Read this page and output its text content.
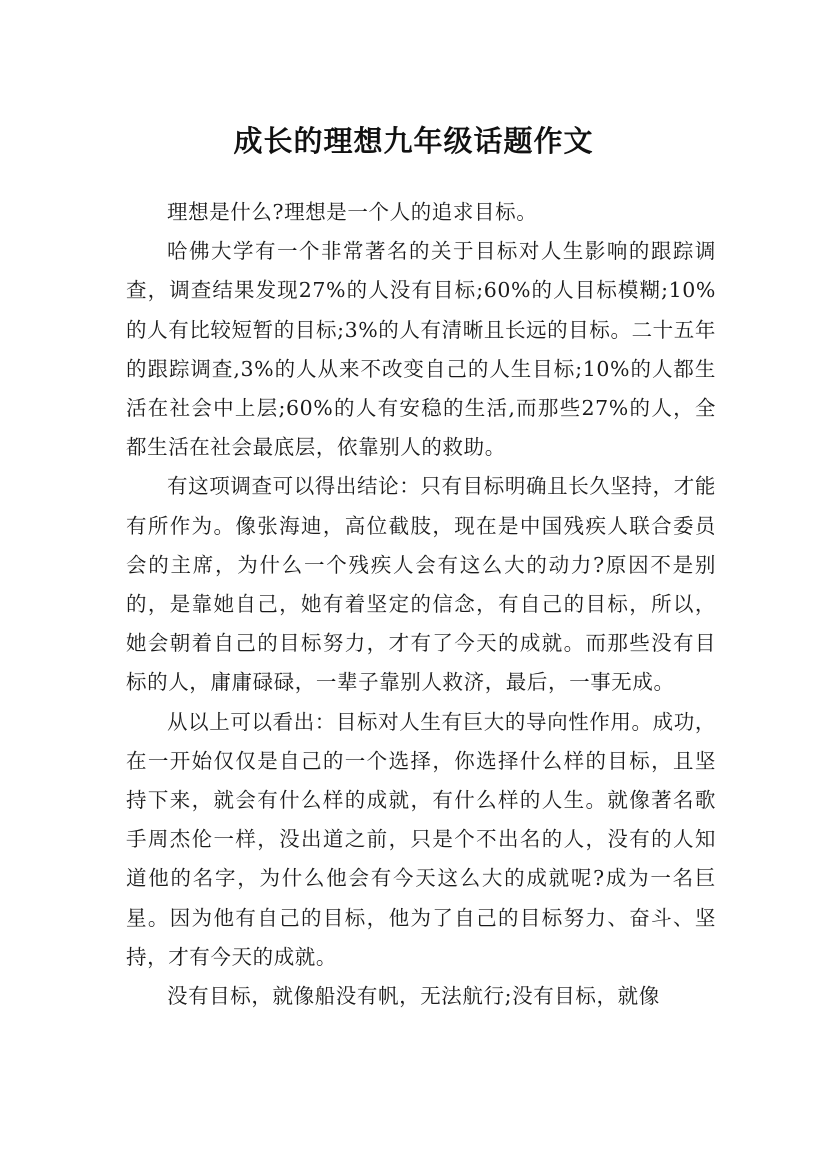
成长的理想九年级话题作文

理想是什么?理想是一个人的追求目标。

哈佛大学有一个非常著名的关于目标对人生影响的跟踪调查，调查结果发现27%的人没有目标;60%的人目标模糊;10%的人有比较短暂的目标;3%的人有清晰且长远的目标。二十五年的跟踪调查,3%的人从来不改变自己的人生目标;10%的人都生活在社会中上层;60%的人有安稳的生活,而那些27%的人，全都生活在社会最底层，依靠别人的救助。

有这项调查可以得出结论：只有目标明确且长久坚持，才能有所作为。像张海迪，高位截肢，现在是中国残疾人联合委员会的主席，为什么一个残疾人会有这么大的动力?原因不是别的，是靠她自己，她有着坚定的信念，有自己的目标，所以，她会朝着自己的目标努力，才有了今天的成就。而那些没有目标的人，庸庸碌碌，一辈子靠别人救济，最后，一事无成。

从以上可以看出：目标对人生有巨大的导向性作用。成功，在一开始仅仅是自己的一个选择，你选择什么样的目标，且坚持下来，就会有什么样的成就，有什么样的人生。就像著名歌手周杰伦一样，没出道之前，只是个不出名的人，没有的人知道他的名字，为什么他会有今天这么大的成就呢?成为一名巨星。因为他有自己的目标，他为了自己的目标努力、奋斗、坚持，才有今天的成就。

没有目标，就像船没有帆，无法航行;没有目标，就像
